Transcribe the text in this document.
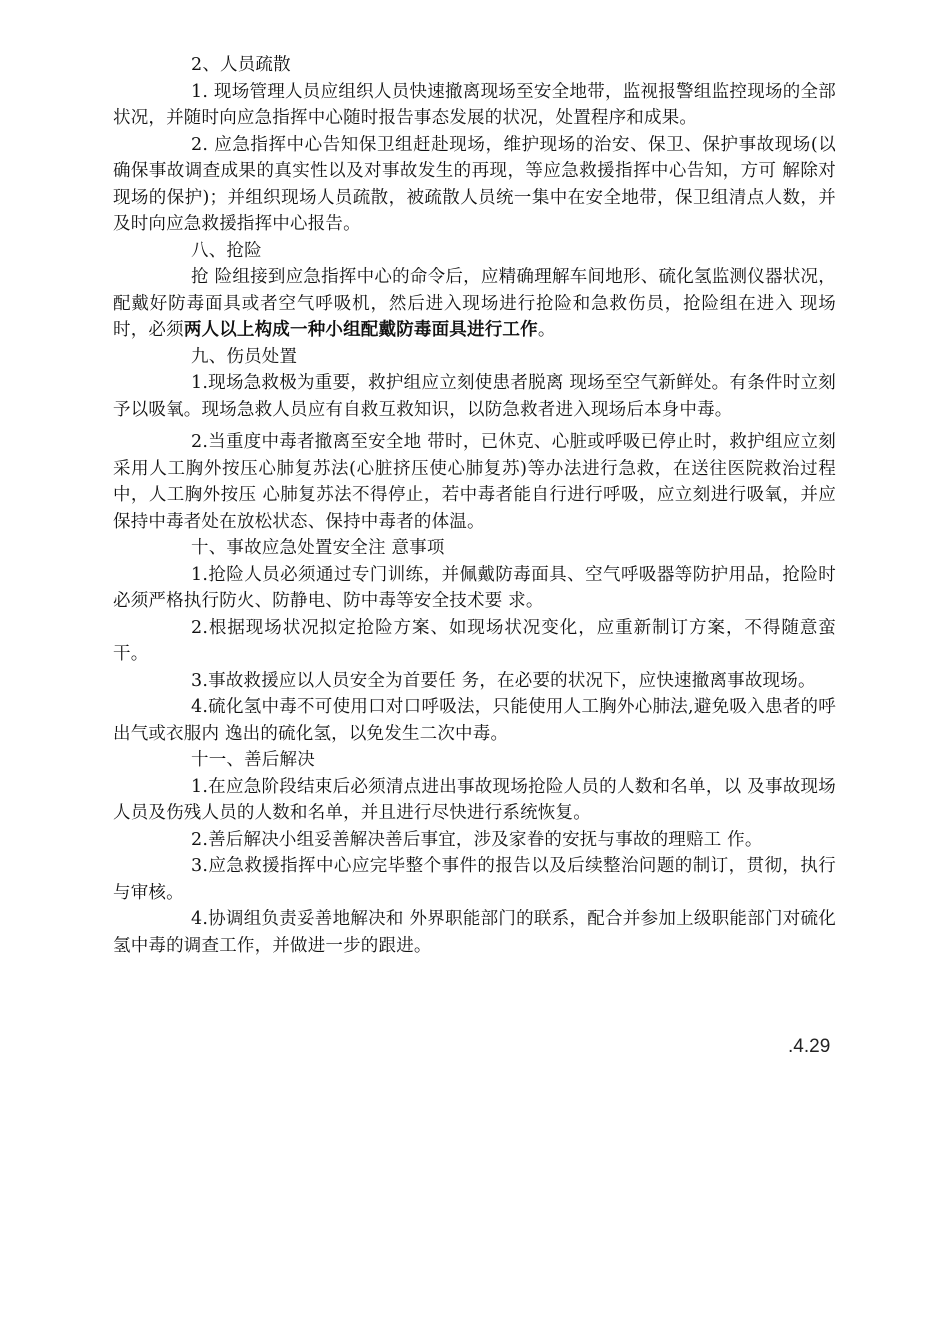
2、人员疏散

1. 现场管理人员应组织人员快速撤离现场至安全地带，监视报警组监控现场的全部状况，并随时向应急指挥中心随时报告事态发展的状况，处置程序和成果。

2. 应急指挥中心告知保卫组赶赴现场，维护现场的治安、保卫、保护事故现场(以确保事故调查成果的真实性以及对事故发生的再现，等应急救援指挥中心告知，方可 解除对现场的保护)；并组织现场人员疏散，被疏散人员统一集中在安全地带，保卫组清点人数，并及时向应急救援指挥中心报告。

八、抢险

抢 险组接到应急指挥中心的命令后，应精确理解车间地形、硫化氢监测仪器状况，配戴好防毒面具或者空气呼吸机，然后进入现场进行抢险和急救伤员，抢险组在进入 现场时，必须两人以上构成一种小组配戴防毒面具进行工作。

九、伤员处置

1.现场急救极为重要，救护组应立刻使患者脱离 现场至空气新鲜处。有条件时立刻予以吸氧。现场急救人员应有自救互救知识，以防急救者进入现场后本身中毒。

2.当重度中毒者撤离至安全地 带时，已休克、心脏或呼吸已停止时，救护组应立刻采用人工胸外按压心肺复苏法(心脏挤压使心肺复苏)等办法进行急救，在送往医院救治过程中，人工胸外按压 心肺复苏法不得停止，若中毒者能自行进行呼吸，应立刻进行吸氧，并应保持中毒者处在放松状态、保持中毒者的体温。

十、事故应急处置安全注 意事项

1.抢险人员必须通过专门训练，并佩戴防毒面具、空气呼吸器等防护用品，抢险时必须严格执行防火、防静电、防中毒等安全技术要 求。

2.根据现场状况拟定抢险方案、如现场状况变化，应重新制订方案，不得随意蛮干。

3.事故救援应以人员安全为首要任 务，在必要的状况下，应快速撤离事故现场。

4.硫化氢中毒不可使用口对口呼吸法，只能使用人工胸外心肺法,避免吸入患者的呼出气或衣服内 逸出的硫化氢，以免发生二次中毒。

十一、善后解决

1.在应急阶段结束后必须清点进出事故现场抢险人员的人数和名单，以 及事故现场人员及伤残人员的人数和名单，并且进行尽快进行系统恢复。

2.善后解决小组妥善解决善后事宜，涉及家眷的安抚与事故的理赔工 作。

3.应急救援指挥中心应完毕整个事件的报告以及后续整治问题的制订，贯彻，执行与审核。

4.协调组负责妥善地解决和 外界职能部门的联系，配合并参加上级职能部门对硫化氢中毒的调查工作，并做进一步的跟进。

.4.29
